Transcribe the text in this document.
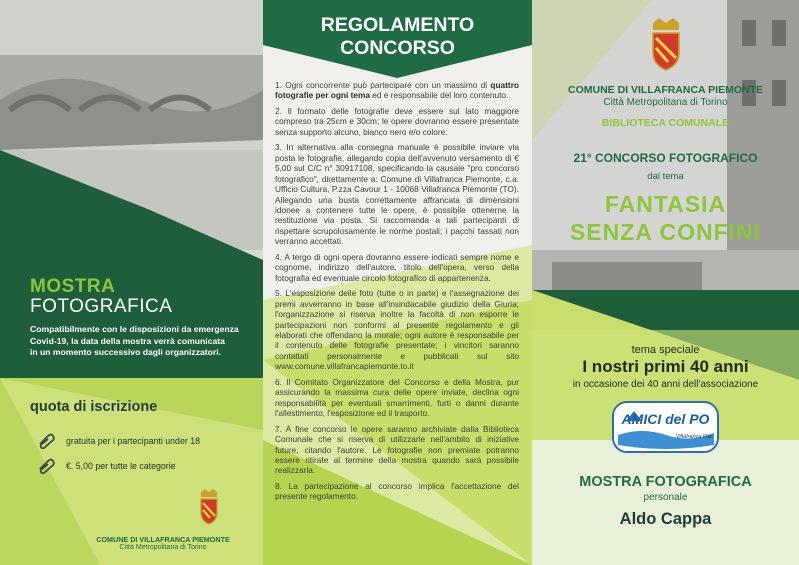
MOSTRA
FOTOGRAFICA
Compatibilmente con le disposizioni da emergenza
Covid-19, la data della mostra verrà comunicata
in un momento successivo dagli organizzatori.
quota di iscrizione
gratuita per i partecipanti under 18
€. 5,00 per tutte le categorie
COMUNE DI VILLAFRANCA PIEMONTE
Città Metropolitana di Torino
REGOLAMENTO
CONCORSO

1. Ogni concorrente può partecipare con un massimo di quattro fotografie per ogni tema ed è responsabile del loro contenuto.

2. Il formato delle fotografie deve essere sul lato maggiore compreso tra 25cm e 30cm; le opere dovranno essere presentate senza supporto alcuno, bianco nero e/o colore.

3. In alternativa alla consegna manuale è possibile inviare via posta le fotografie, allegando copia dell'avvenuto versamento di € 5,00 sul C/C n° 30917108, specificando la causale "pro concorso fotografico", direttamente a: Comune di Villafranca Piemonte, c.a. Ufficio Cultura, P.zza Cavour 1 - 10068 Villafranca Piemonte (TO). Allegando una busta correttamente affrancata di dimensioni idonee a contenere tutte le opere, è possibile ottenerne la restituzione via posta. Si raccomanda a tali partecipanti di rispettare scrupolosamente le norme postali; i pacchi tassati non verranno accettati.

4. A tergo di ogni opera dovranno essere indicati sempre nome e cognome, indirizzo dell'autore, titolo dell'opera, verso della fotografia ed eventuale circolo fotografico di appartenenza.

5. L'esposizione delle foto (tutte o in parte) e l'assegnazione dei premi avverranno in base all'insindacabile giudizio della Giuria; l'organizzazione si riserva inoltre la facoltà di non esporre le partecipazioni non conformi al presente regolamento e gli elaborati che offendano la morale; ogni autore è responsabile per il contenuto delle fotografie presentate; i vincitori saranno contattati personalmente e pubblicati sul sito www.comune.villafrancapiemonte.to.it

6. Il Comitato Organizzatore del Concorso e della Mostra, pur assicurando la massima cura delle opere inviate, declina ogni responsabilità per eventuali smarrimenti, furti o danni durante l'allestimento, l'esposizione ed il trasporto.

7. A fine concorso le opere saranno archiviate dalla Biblioteca Comunale che si riserva di utilizzarle nell'ambito di iniziative future, citando l'autore. Le fotografie non premiate potranno essere ritirate al termine della mostra quando sarà possibile realizzarla.

8. La partecipazione al concorso implica l'accettazione del presente regolamento.

COMUNE DI VILLAFRANCA PIEMONTE
Città Metropolitana di Torino
BIBLIOTECA COMUNALE
21° CONCORSO FOTOGRAFICO
dal tema
FANTASIA
SENZA CONFINI
tema speciale
I nostri primi 40 anni
in occasione dei 40 anni dell'associazione
AMICI del PO
Villafranca P.te
MOSTRA FOTOGRAFICA
personale
Aldo Cappa
